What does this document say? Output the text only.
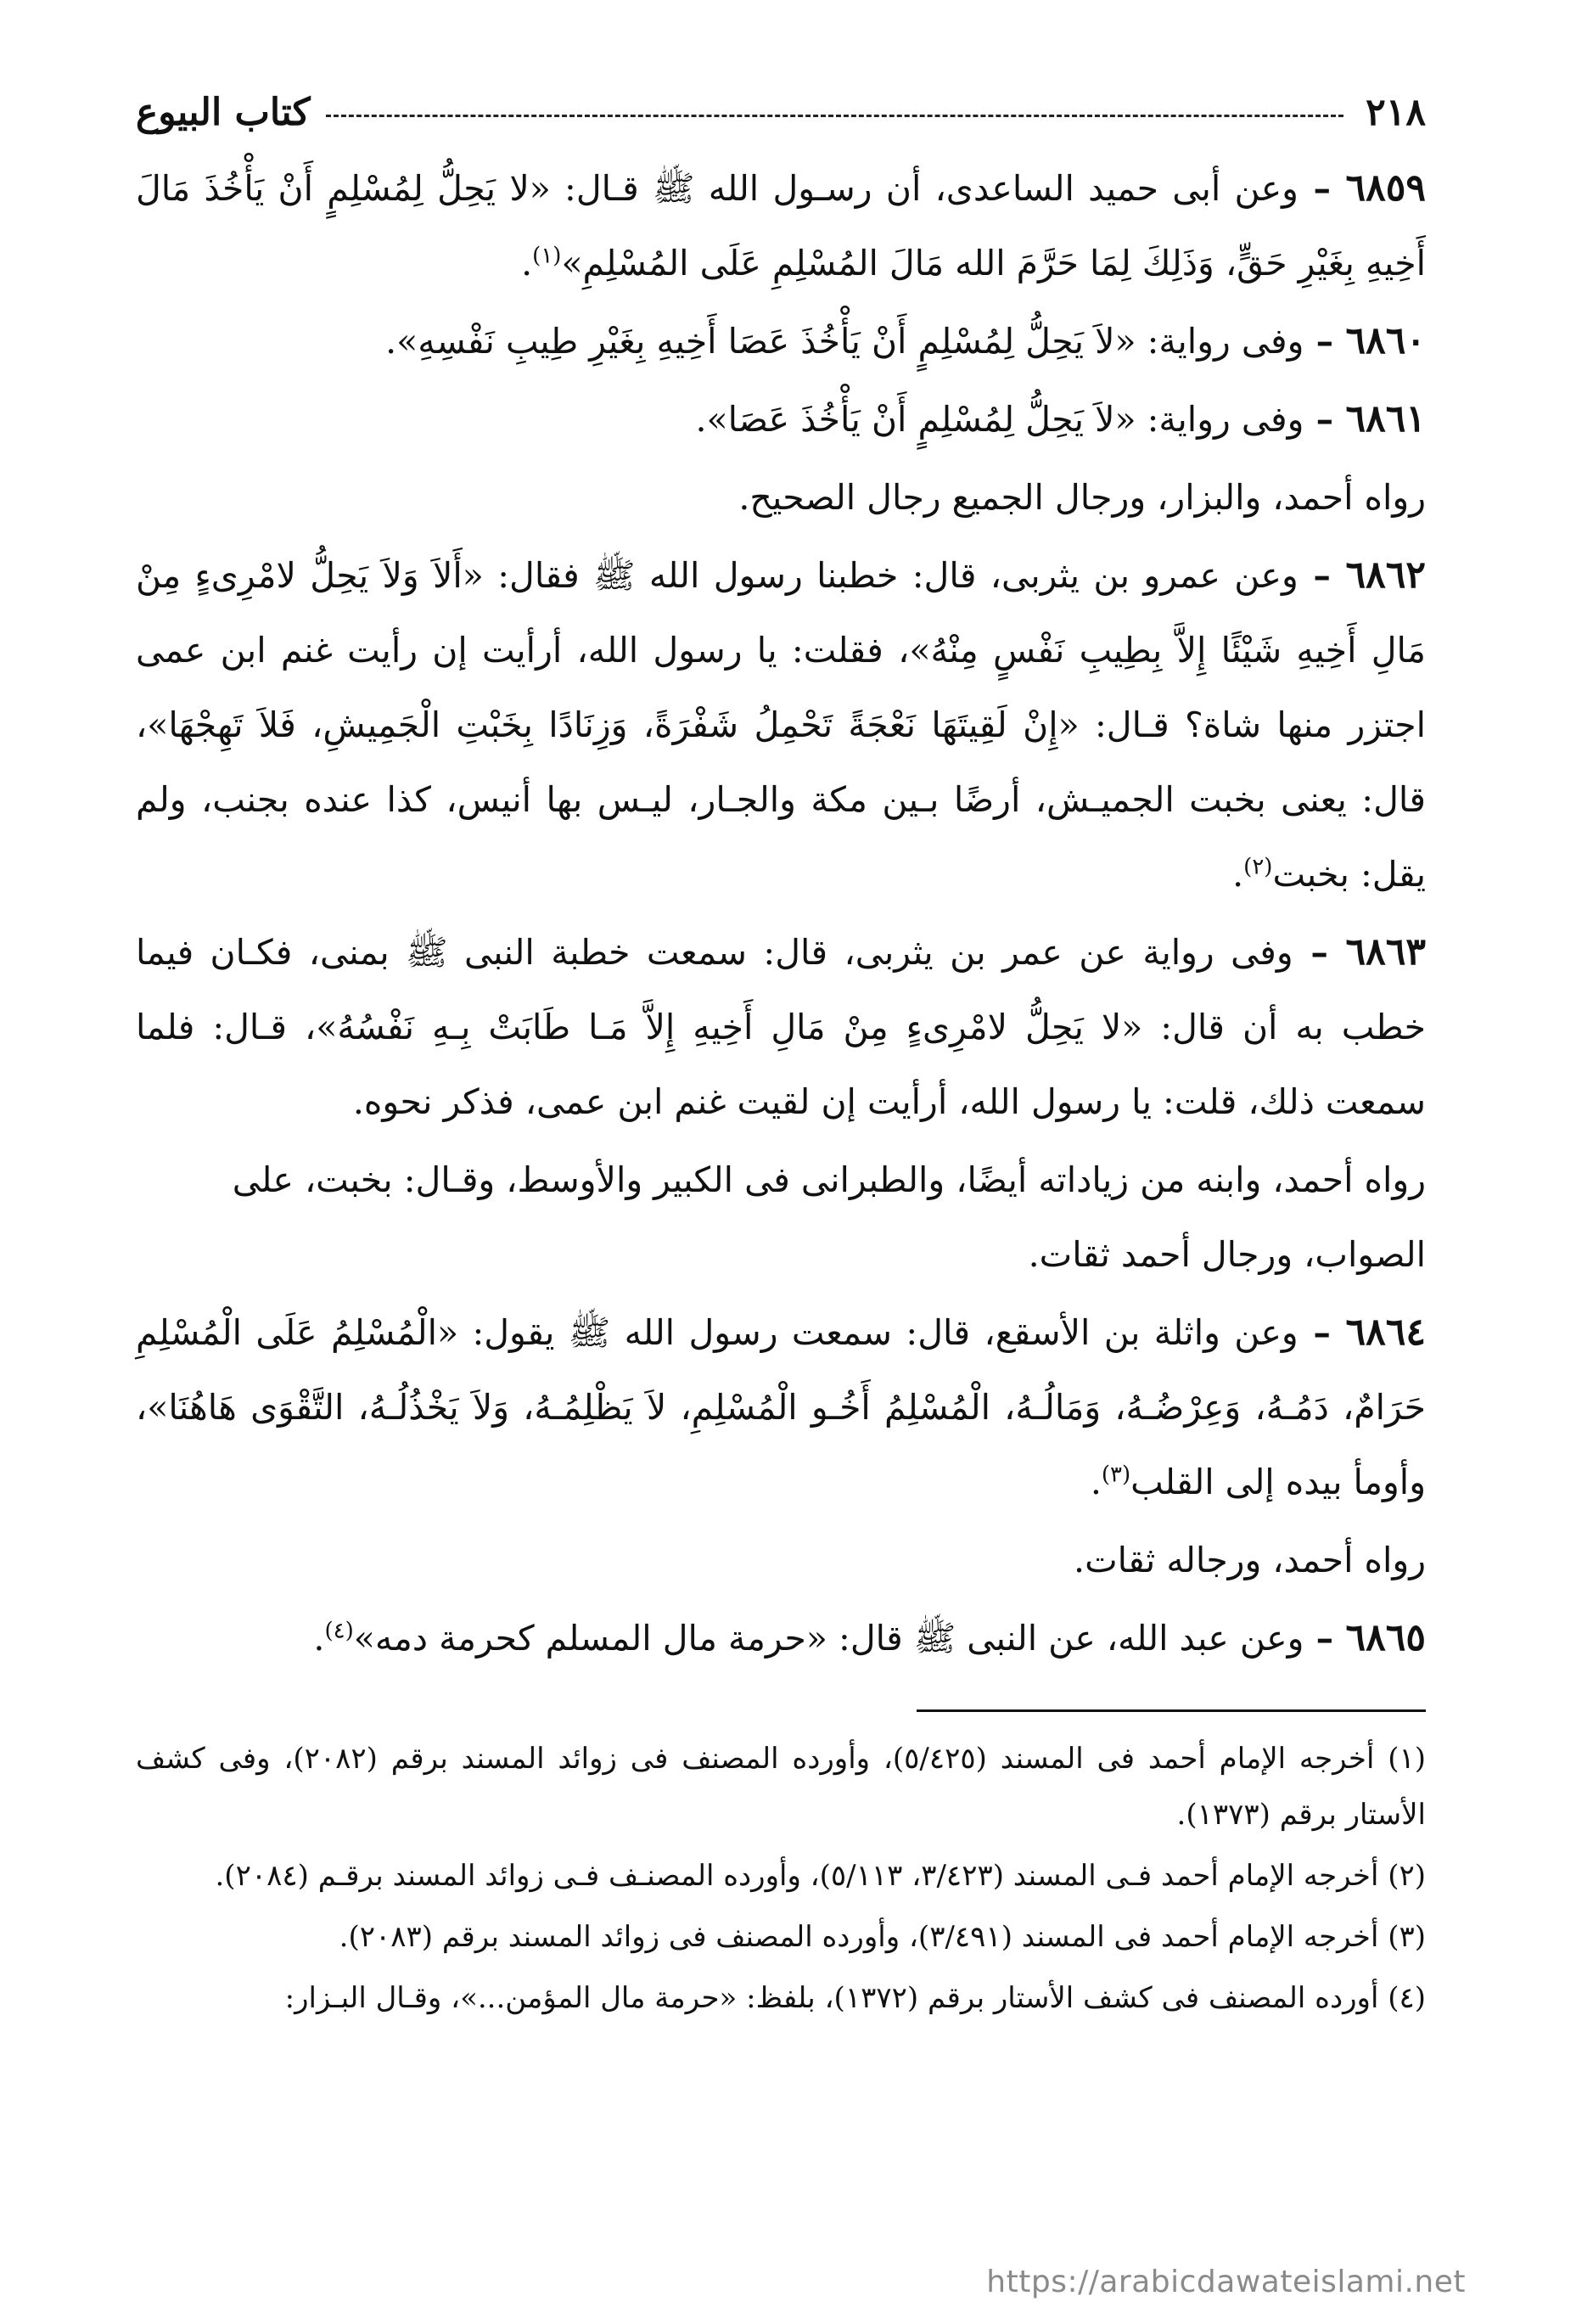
٢١٨
كتاب البيوع

٦٨٥٩ – وعن أبى حميد الساعدى، أن رسـول الله ﷺ قـال: «لا يَحِلُّ لِمُسْلِمٍ أَنْ يَأْخُذَ مَالَ أَخِيهِ بِغَيْرِ حَقٍّ، وَذَلِكَ لِمَا حَرَّمَ الله مَالَ المُسْلِمِ عَلَى المُسْلِمِ»$^{(١)}$.

٦٨٦٠ – وفى رواية: «لاَ يَحِلُّ لِمُسْلِمٍ أَنْ يَأْخُذَ عَصَا أَخِيهِ بِغَيْرِ طِيبِ نَفْسِهِ».

٦٨٦١ – وفى رواية: «لاَ يَحِلُّ لِمُسْلِمٍ أَنْ يَأْخُذَ عَصَا».

رواه أحمد، والبزار، ورجال الجميع رجال الصحيح.

٦٨٦٢ – وعن عمرو بن يثربى، قال: خطبنا رسول الله ﷺ فقال: «أَلاَ وَلاَ يَحِلُّ لامْرِىءٍ مِنْ مَالِ أَخِيهِ شَيْئًا إِلاَّ بِطِيبِ نَفْسٍ مِنْهُ»، فقلت: يا رسول الله، أرأيت إن رأيت غنم ابن عمى اجتزر منها شاة؟ قـال: «إِنْ لَقِيتَهَا نَعْجَةً تَحْمِلُ شَفْرَةً، وَزِنَادًا بِخَبْتِ الْجَمِيشِ، فَلاَ تَهِجْهَا»، قال: يعنى بخبت الجميـش، أرضًا بـين مكة والجـار، ليـس بها أنيس، كذا عنده بجنب، ولم يقل: بخبت$^{(٢)}$.

٦٨٦٣ – وفى رواية عن عمر بن يثربى، قال: سمعت خطبة النبى ﷺ بمنى، فكـان فيما خطب به أن قال: «لا يَحِلُّ لامْرِىءٍ مِنْ مَالِ أَخِيهِ إِلاَّ مَـا طَابَتْ بِـهِ نَفْسُهُ»، قـال: فلما سمعت ذلك، قلت: يا رسول الله، أرأيت إن لقيت غنم ابن عمى، فذكر نحوه.

رواه أحمد، وابنه من زياداته أيضًا، والطبرانى فى الكبير والأوسط، وقـال: بخبت، على الصواب، ورجال أحمد ثقات.

٦٨٦٤ – وعن واثلة بن الأسقع، قال: سمعت رسول الله ﷺ يقول: «الْمُسْلِمُ عَلَى الْمُسْلِمِ حَرَامٌ، دَمُـهُ، وَعِرْضُـهُ، وَمَالُـهُ، الْمُسْلِمُ أَخُـو الْمُسْلِمِ، لاَ يَظْلِمُـهُ، وَلاَ يَخْذُلُـهُ، التَّقْوَى هَاهُنَا»، وأومأ بيده إلى القلب$^{(٣)}$.

رواه أحمد، ورجاله ثقات.

٦٨٦٥ – وعن عبد الله، عن النبى ﷺ قال: «حرمة مال المسلم كحرمة دمه»$^{(٤)}$.

(١) أخرجه الإمام أحمد فى المسند (٥/٤٢٥)، وأورده المصنف فى زوائد المسند برقم (٢٠٨٢)، وفى كشف الأستار برقم (١٣٧٣).

(٢) أخرجه الإمام أحمد فـى المسند (٣/٤٢٣، ٥/١١٣)، وأورده المصنـف فـى زوائد المسند برقـم (٢٠٨٤).

(٣) أخرجه الإمام أحمد فى المسند (٣/٤٩١)، وأورده المصنف فى زوائد المسند برقم (٢٠٨٣).

(٤) أورده المصنف فى كشف الأستار برقم (١٣٧٢)، بلفظ: «حرمة مال المؤمن...»، وقـال البـزار:

https://arabicdawateislami.net
